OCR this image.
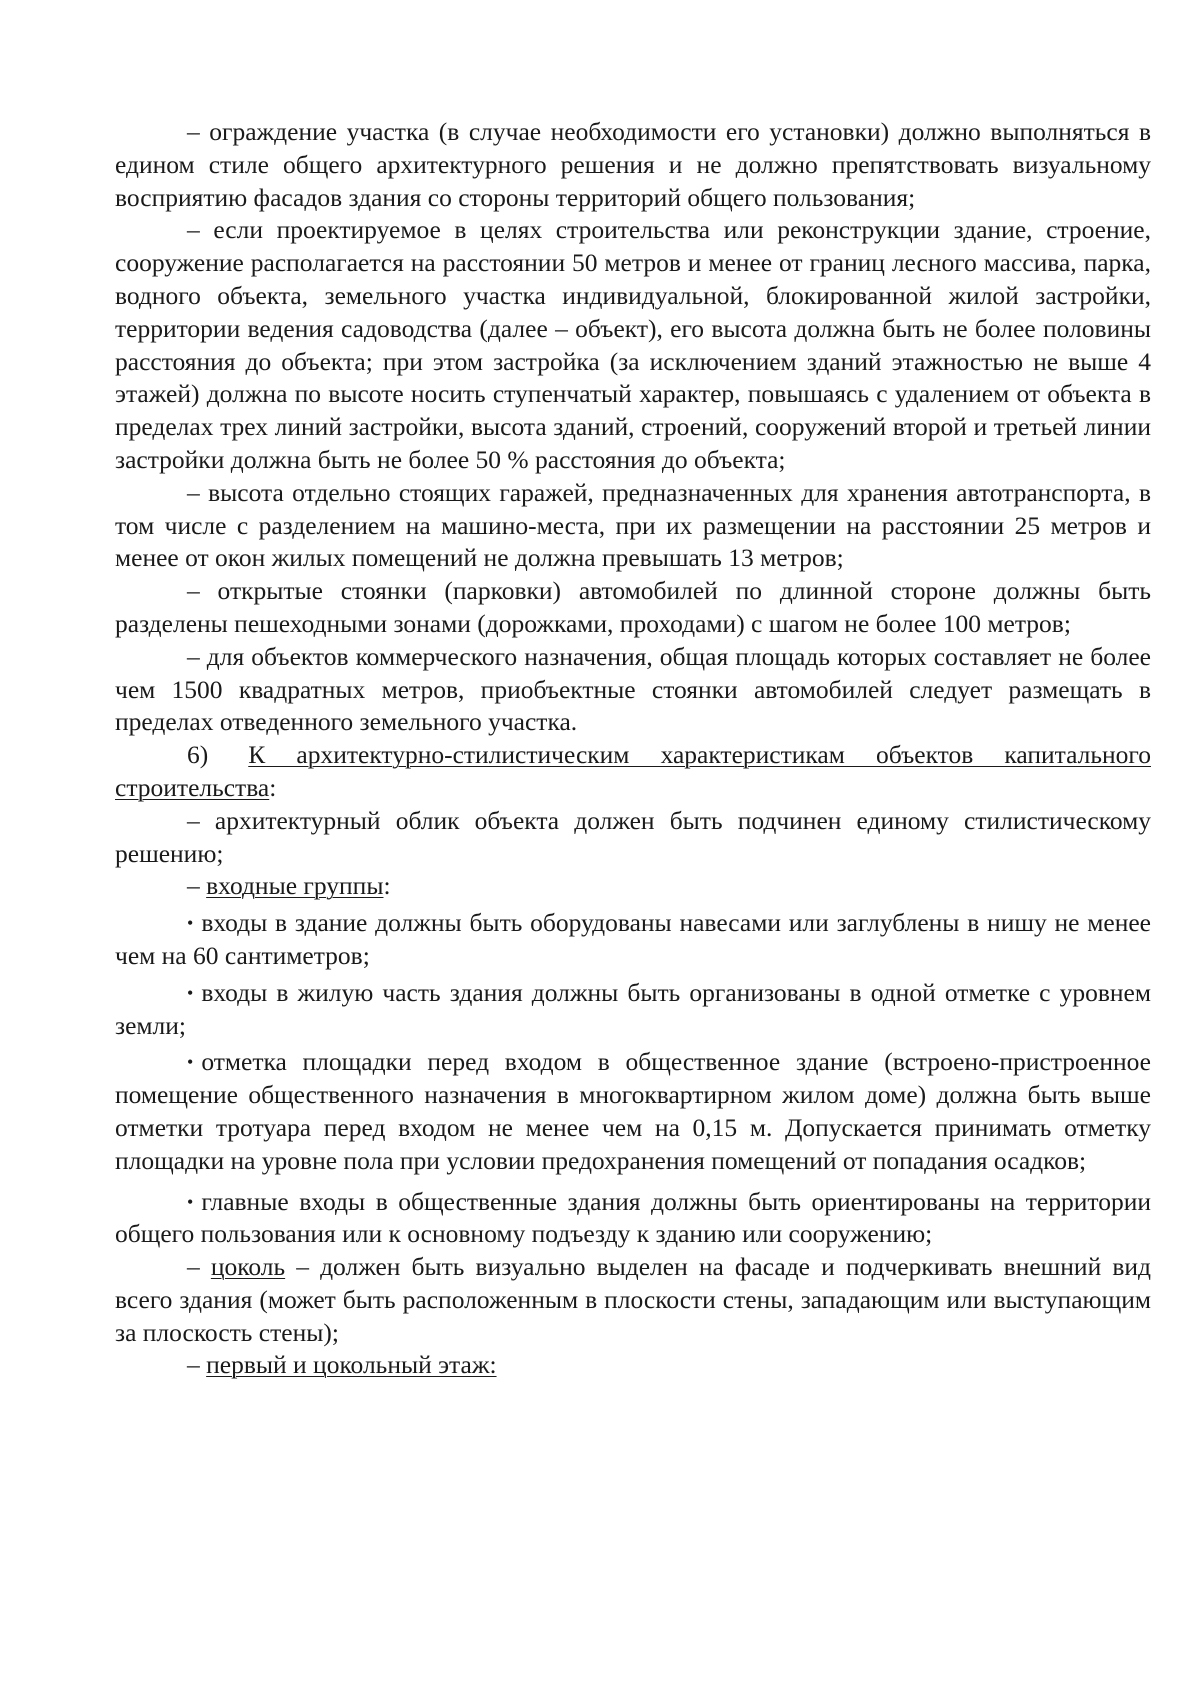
– ограждение участка (в случае необходимости его установки) должно выполняться в едином стиле общего архитектурного решения и не должно препятствовать визуальному восприятию фасадов здания со стороны территорий общего пользования;

– если проектируемое в целях строительства или реконструкции здание, строение, сооружение располагается на расстоянии 50 метров и менее от границ лесного массива, парка, водного объекта, земельного участка индивидуальной, блокированной жилой застройки, территории ведения садоводства (далее – объект), его высота должна быть не более половины расстояния до объекта; при этом застройка (за исключением зданий этажностью не выше 4 этажей) должна по высоте носить ступенчатый характер, повышаясь с удалением от объекта в пределах трех линий застройки, высота зданий, строений, сооружений второй и третьей линии застройки должна быть не более 50 % расстояния до объекта;

– высота отдельно стоящих гаражей, предназначенных для хранения автотранспорта, в том числе с разделением на машино-места, при их размещении на расстоянии 25 метров и менее от окон жилых помещений не должна превышать 13 метров;

– открытые стоянки (парковки) автомобилей по длинной стороне должны быть разделены пешеходными зонами (дорожками, проходами) с шагом не более 100 метров;

– для объектов коммерческого назначения, общая площадь которых составляет не более чем 1500 квадратных метров, приобъектные стоянки автомобилей следует размещать в пределах отведенного земельного участка.

6) К архитектурно-стилистическим характеристикам объектов капитального строительства:

– архитектурный облик объекта должен быть подчинен единому стилистическому решению;

– входные группы:

• входы в здание должны быть оборудованы навесами или заглублены в нишу не менее чем на 60 сантиметров;

• входы в жилую часть здания должны быть организованы в одной отметке с уровнем земли;

• отметка площадки перед входом в общественное здание (встроено-пристроенное помещение общественного назначения в многоквартирном жилом доме) должна быть выше отметки тротуара перед входом не менее чем на 0,15 м. Допускается принимать отметку площадки на уровне пола при условии предохранения помещений от попадания осадков;

• главные входы в общественные здания должны быть ориентированы на территории общего пользования или к основному подъезду к зданию или сооружению;

– цоколь – должен быть визуально выделен на фасаде и подчеркивать внешний вид всего здания (может быть расположенным в плоскости стены, западающим или выступающим за плоскость стены);

– первый и цокольный этаж:
